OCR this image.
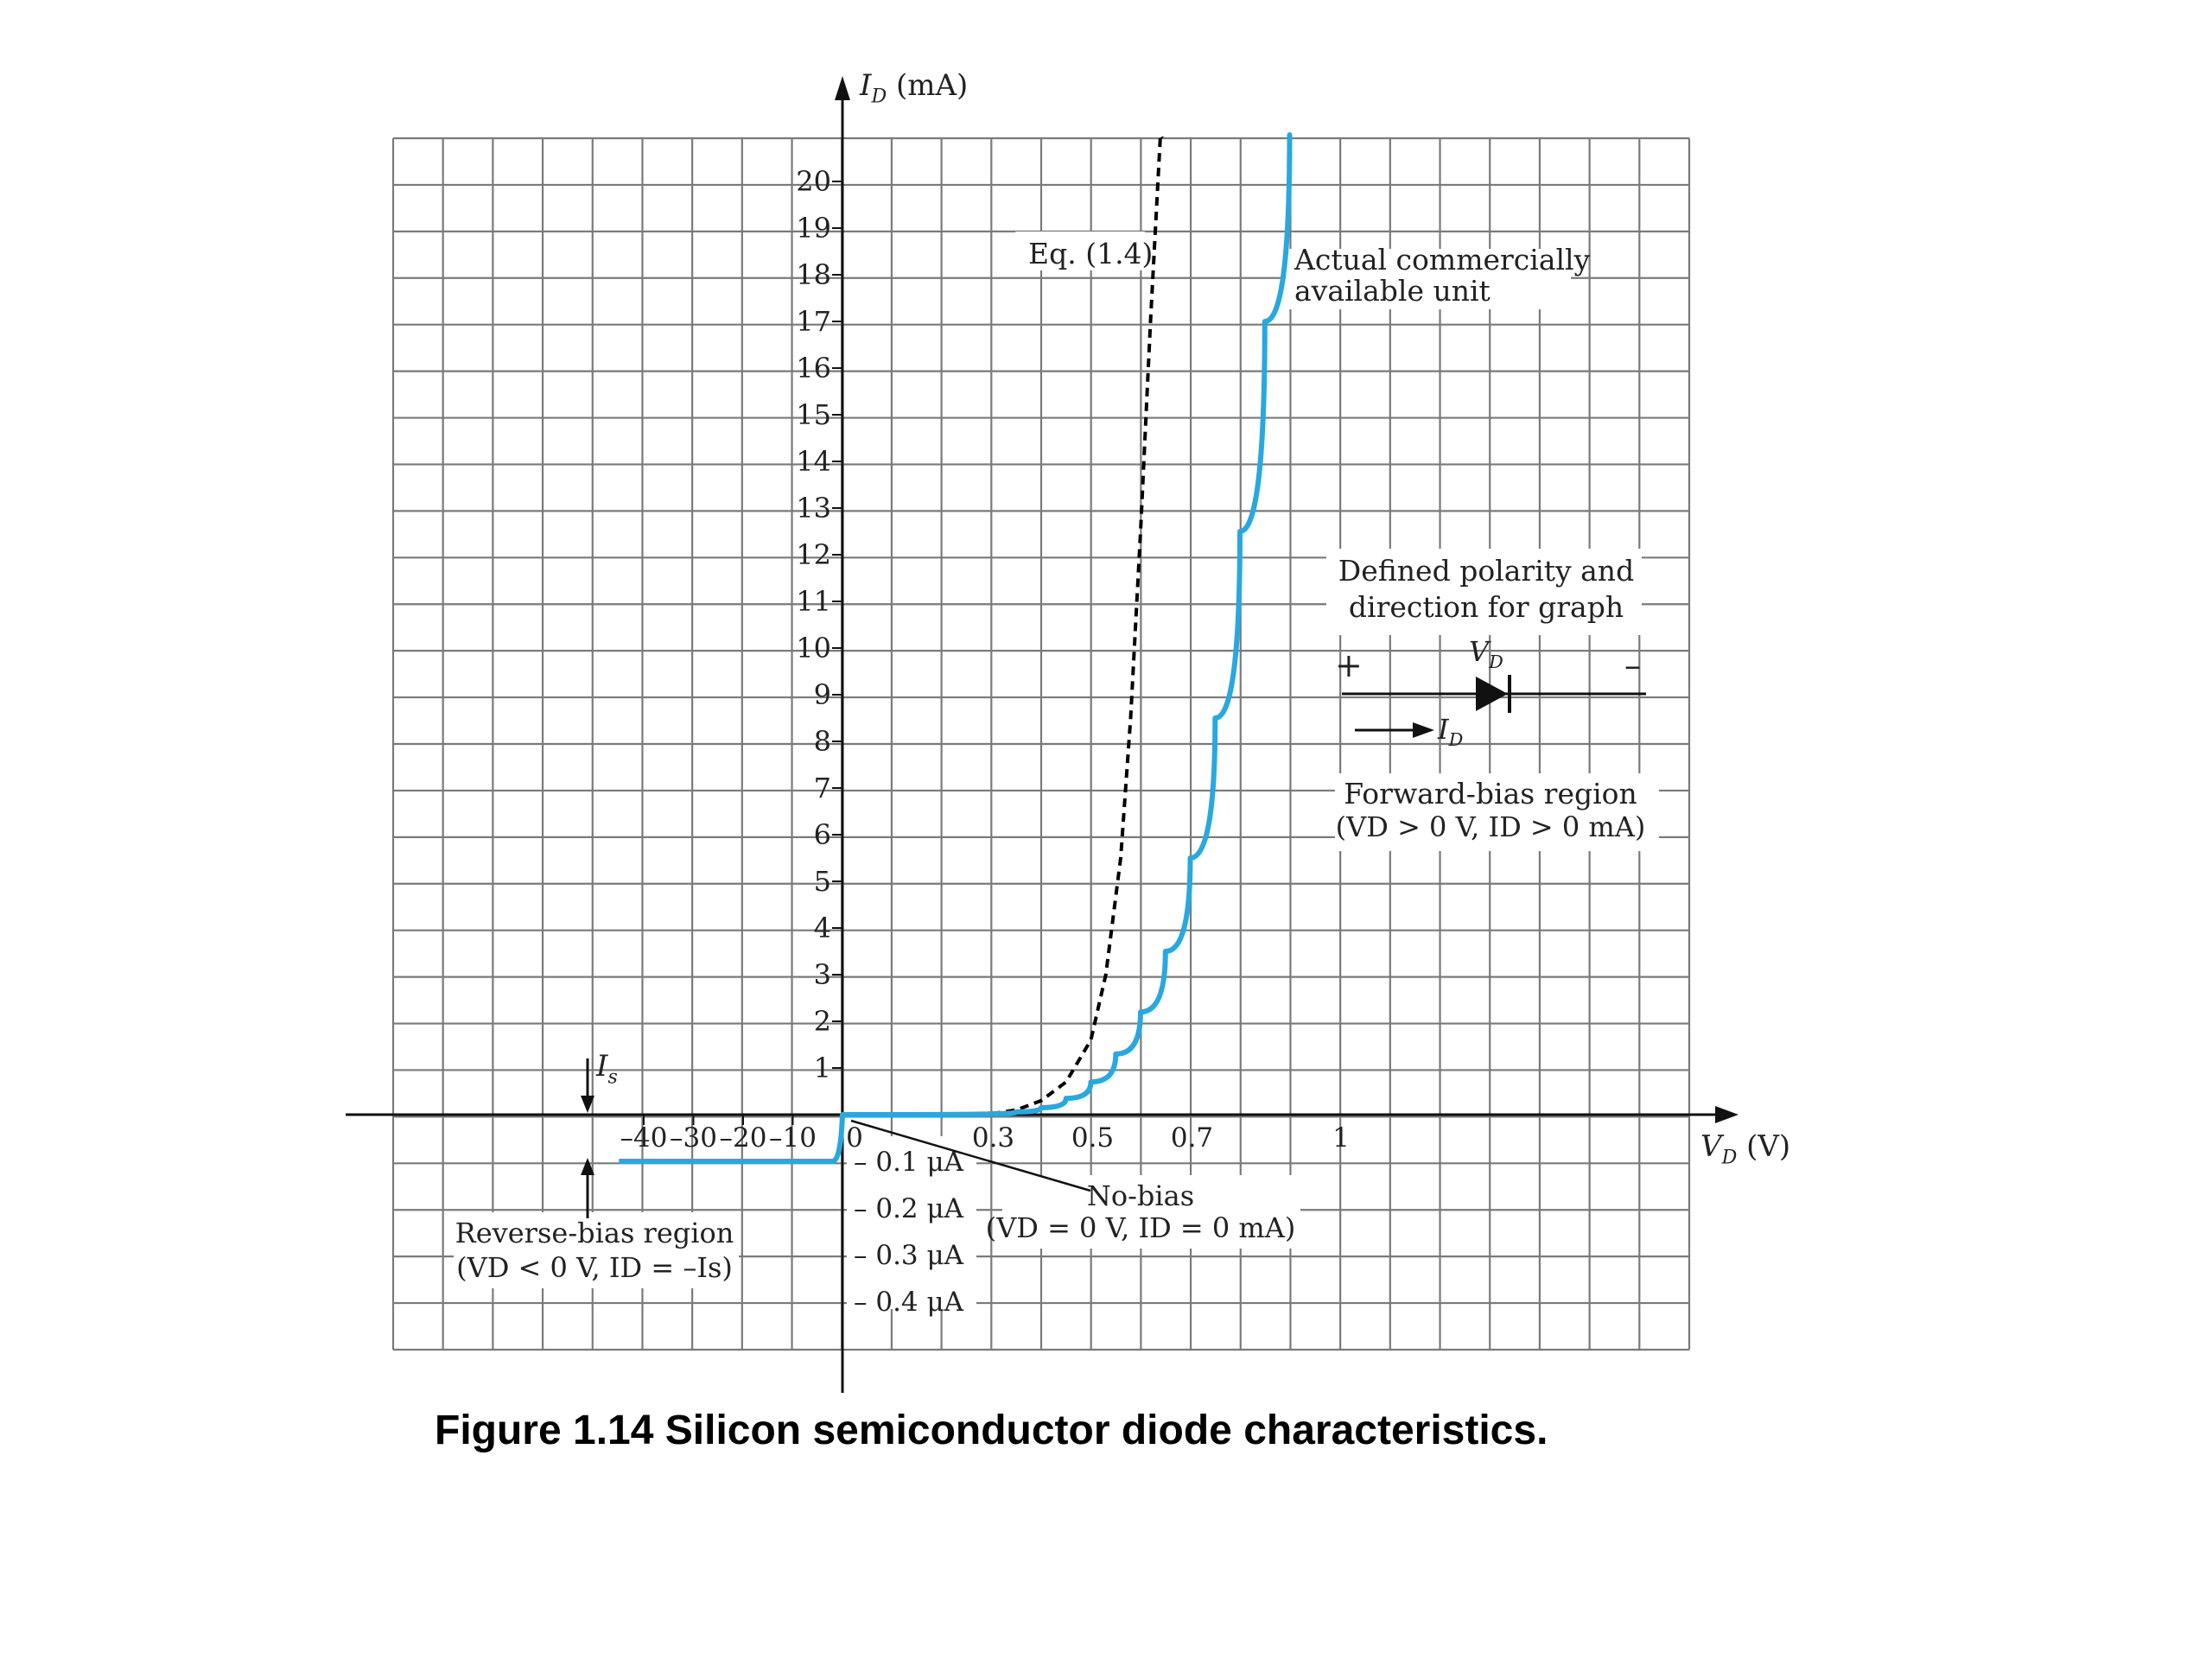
$I_D$ (mA)
$V_D$ (V)
20
19
18
17
16
15
14
13
12
11
10
9
8
7
6
5
4
3
2
1
– 0.1 μA
– 0.2 μA
– 0.3 μA
– 0.4 μA
–40 –30 –20 –10 0	0.3 0.5 0.7	1
Eq. (1.4)	Actual commercially
available unit
Defined polarity and
direction for graph
+	–
$V_D$
$I_D$
Forward-bias region
(VD > 0 V, ID > 0 mA)
$I_s$
Reverse-bias region
(VD < 0 V, ID = –Is)
No-bias
(VD = 0 V, ID = 0 mA)
Figure 1.14 Silicon semiconductor diode characteristics.
